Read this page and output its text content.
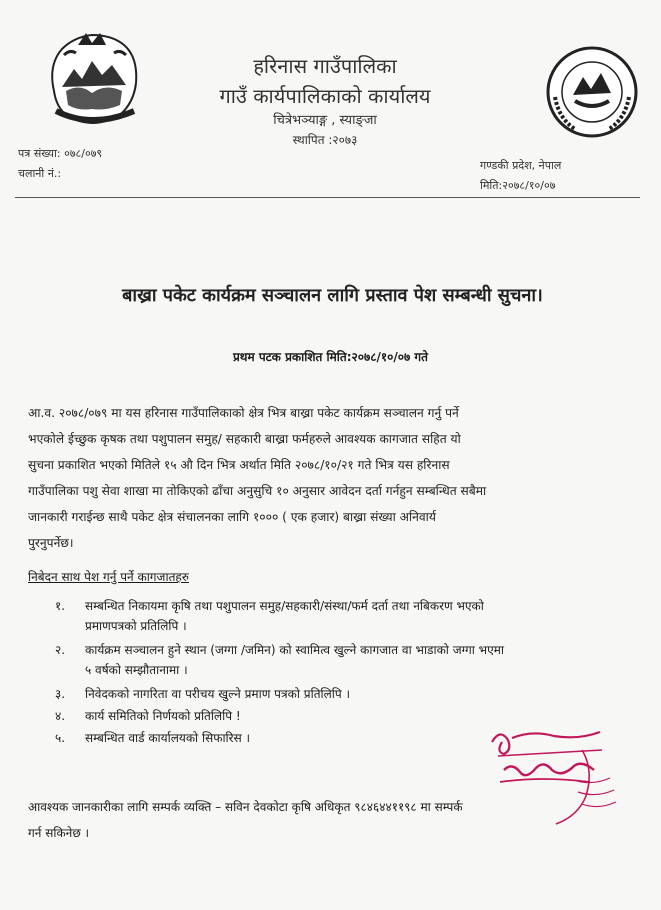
हरिनास गाउँपालिका
गाउँ कार्यपालिकाको कार्यालय
चित्रेभञ्याङ्ग , स्याङ्जा
स्थापित :२०७३
पत्र संख्या: ०७८/०७९
चलानी नं.:
गण्डकी प्रदेश, नेपाल
मिति:२०७८/१०/०७
बाख्रा पकेट कार्यक्रम सञ्चालन लागि प्रस्ताव पेश सम्बन्धी सुचना।
प्रथम पटक प्रकाशित मिति:२०७८/१०/०७ गते
आ.व. २०७८/०७९ मा यस हरिनास गाउँपालिकाको क्षेत्र भित्र बाख्रा पकेट कार्यक्रम सञ्चालन गर्नु पर्ने
भएकोले ईच्छुक कृषक तथा पशुपालन समुह/ सहकारी बाख्रा फर्महरुले आवश्यक कागजात सहित यो
सुचना प्रकाशित भएको मितिले १५ औ दिन भित्र अर्थात मिति २०७८/१०/२१ गते भित्र यस हरिनास
गाउँपालिका पशु सेवा शाखा मा तोकिएको ढाँचा अनुसुचि १० अनुसार आवेदन दर्ता गर्नहुन सम्बन्धित सबैमा
जानकारी गराईन्छ साथै पकेट क्षेत्र संचालनका लागि १००० ( एक हजार) बाख्रा संख्या अनिवार्य
पुरनुपर्नेछ।
निबेदन साथ पेश गर्नु पर्ने कागजातहरु
१. सम्बन्धित निकायमा कृषि तथा पशुपालन समुह/सहकारी/संस्था/फर्म दर्ता तथा नबिकरण भएको
प्रमाणपत्रको प्रतिलिपि ।
२. कार्यक्रम सञ्चालन हुने स्थान (जग्गा /जमिन) को स्वामित्व खुल्ने कागजात वा भाडाको जग्गा भएमा
५ वर्षको सम्झौतानामा ।
३. निवेदकको नागरिता वा परीचय खुल्ने प्रमाण पत्रको प्रतिलिपि ।
४. कार्य समितिको निर्णयको प्रतिलिपि !
५. सम्बन्धित वार्ड कार्यालयको सिफारिस ।
आवश्यक जानकारीका लागि सम्पर्क व्यक्ति – सविन देवकोटा कृषि अधिकृत ९८४६४४११९८ मा सम्पर्क
गर्न सकिनेछ ।
